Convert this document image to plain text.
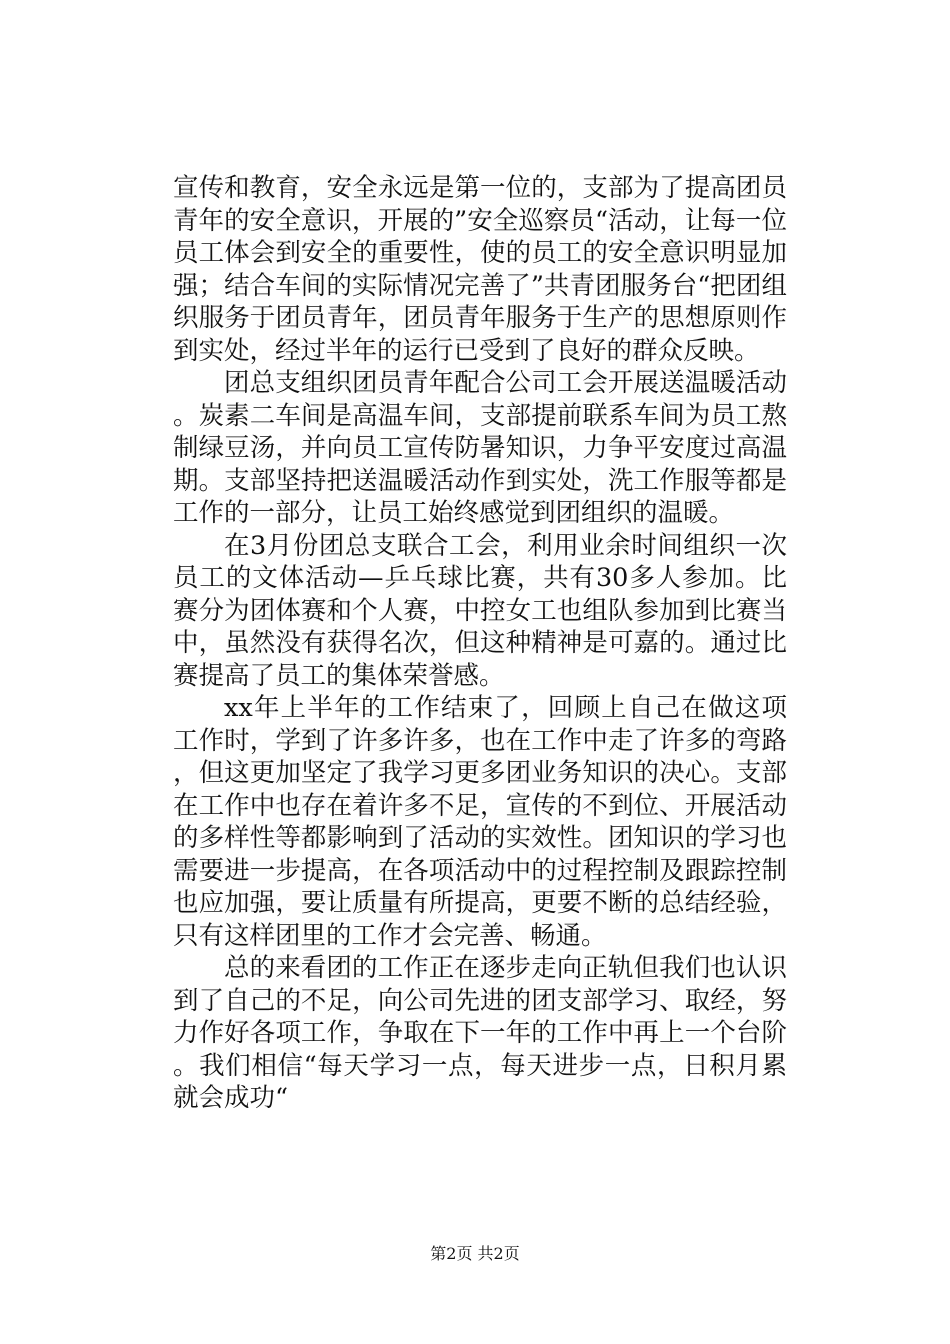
宣传和教育，安全永远是第一位的，支部为了提高团员青年的安全意识，开展的”安全巡察员“活动，让每一位员工体会到安全的重要性，使的员工的安全意识明显加强；结合车间的实际情况完善了”共青团服务台“把团组织服务于团员青年，团员青年服务于生产的思想原则作到实处，经过半年的运行已受到了良好的群众反映。

团总支组织团员青年配合公司工会开展送温暖活动。炭素二车间是高温车间，支部提前联系车间为员工熬制绿豆汤，并向员工宣传防暑知识，力争平安度过高温期。支部坚持把送温暖活动作到实处，洗工作服等都是工作的一部分，让员工始终感觉到团组织的温暖。

在3月份团总支联合工会，利用业余时间组织一次员工的文体活动—乒乓球比赛，共有30多人参加。比赛分为团体赛和个人赛，中控女工也组队参加到比赛当中，虽然没有获得名次，但这种精神是可嘉的。通过比赛提高了员工的集体荣誉感。

xx年上半年的工作结束了，回顾上自己在做这项工作时，学到了许多许多，也在工作中走了许多的弯路，但这更加坚定了我学习更多团业务知识的决心。支部在工作中也存在着许多不足，宣传的不到位、开展活动的多样性等都影响到了活动的实效性。团知识的学习也需要进一步提高，在各项活动中的过程控制及跟踪控制也应加强，要让质量有所提高，更要不断的总结经验，只有这样团里的工作才会完善、畅通。

总的来看团的工作正在逐步走向正轨但我们也认识到了自己的不足，向公司先进的团支部学习、取经，努力作好各项工作，争取在下一年的工作中再上一个台阶。我们相信“每天学习一点，每天进步一点，日积月累就会成功“

第2页 共2页
